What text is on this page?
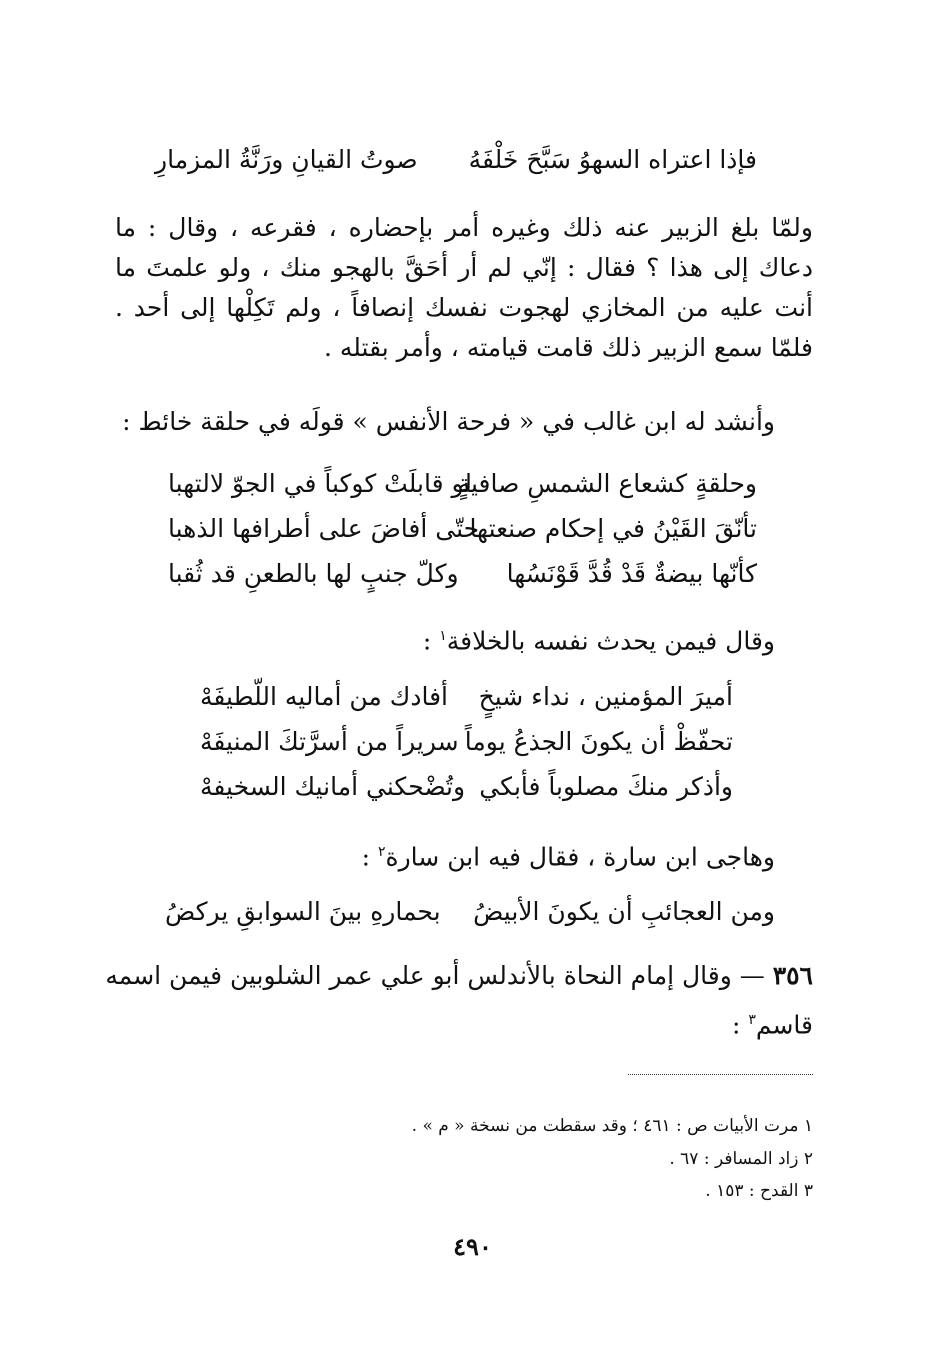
فإذا اعتراه السهوُ سَبَّحَ خَلْفَهُ
صوتُ القيانِ ورَنَّةُ المزمارِ
ولمّا بلغ الزبير عنه ذلك وغيره أمر بإحضاره ، فقرعه ، وقال : ما دعاك إلى هذا ؟ فقال : إنّي لم أر أحَقَّ بالهجو منك ، ولو علمتَ ما أنت عليه من المخازي لهجوت نفسك إنصافاً ، ولم تَكِلْها إلى أحد . فلمّا سمع الزبير ذلك قامت قيامته ، وأمر بقتله .
وأنشد له ابن غالب في « فرحة الأنفس » قولَه في حلقة خائط :
وحلقةٍ كشعاع الشمسِ صافيةٍ
لو قابلَتْ كوكباً في الجوّ لالتهبا
تأنّقَ القَيْنُ في إحكام صنعتها
حتّى أفاضَ على أطرافها الذهبا
كأنّها بيضةٌ قَدْ قُدَّ قَوْنَسُها
وكلّ جنبٍ لها بالطعنِ قد ثُقبا
وقال فيمن يحدث نفسه بالخلافة$^١$ :
أميرَ المؤمنين ، نداء شيخٍ
أفادك من أماليه اللّطيفَهْ
تحفّظْ أن يكونَ الجذعُ يوماً
سريراً من أسرَّتكَ المنيفَهْ
وأذكر منكَ مصلوباً فأبكي
وتُضْحكني أمانيك السخيفهْ
وهاجى ابن سارة ، فقال فيه ابن سارة$^٢$ :
ومن العجائبِ أن يكونَ الأبيضُ
بحمارهِ بينَ السوابقِ يركضُ
٣٥٦ — وقال إمام النحاة بالأندلس أبو علي عمر الشلوبين فيمن اسمه
قاسم$^٣$ :
١ مرت الأبيات ص : ٤٦١ ؛ وقد سقطت من نسخة « م » .
٢ زاد المسافر : ٦٧ .
٣ القدح : ١٥٣ .
٤٩٠
